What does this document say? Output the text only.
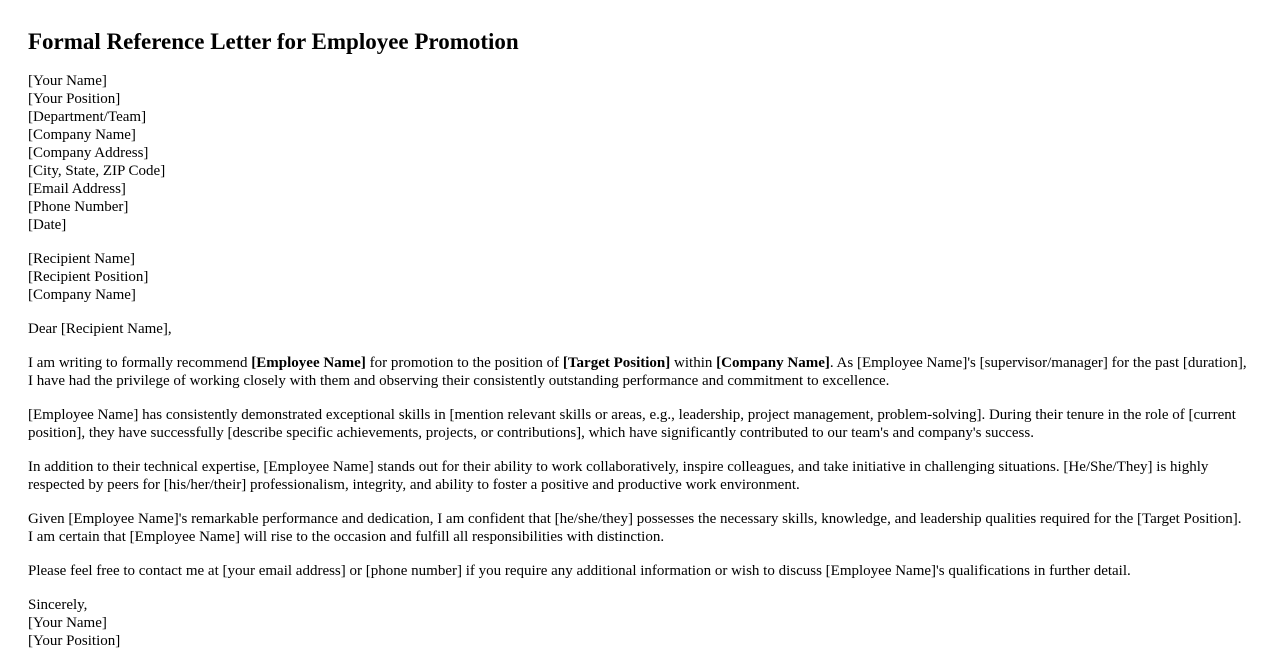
Formal Reference Letter for Employee Promotion
[Your Name]
[Your Position]
[Department/Team]
[Company Name]
[Company Address]
[City, State, ZIP Code]
[Email Address]
[Phone Number]
[Date]
[Recipient Name]
[Recipient Position]
[Company Name]

Dear [Recipient Name],

I am writing to formally recommend [Employee Name] for promotion to the position of [Target Position] within [Company Name]. As [Employee Name]'s [supervisor/manager] for the past [duration], I have had the privilege of working closely with them and observing their consistently outstanding performance and commitment to excellence.

[Employee Name] has consistently demonstrated exceptional skills in [mention relevant skills or areas, e.g., leadership, project management, problem-solving]. During their tenure in the role of [current position], they have successfully [describe specific achievements, projects, or contributions], which have significantly contributed to our team's and company's success.

In addition to their technical expertise, [Employee Name] stands out for their ability to work collaboratively, inspire colleagues, and take initiative in challenging situations. [He/She/They] is highly respected by peers for [his/her/their] professionalism, integrity, and ability to foster a positive and productive work environment.

Given [Employee Name]'s remarkable performance and dedication, I am confident that [he/she/they] possesses the necessary skills, knowledge, and leadership qualities required for the [Target Position]. I am certain that [Employee Name] will rise to the occasion and fulfill all responsibilities with distinction.

Please feel free to contact me at [your email address] or [phone number] if you require any additional information or wish to discuss [Employee Name]'s qualifications in further detail.

Sincerely,
[Your Name]
[Your Position]
